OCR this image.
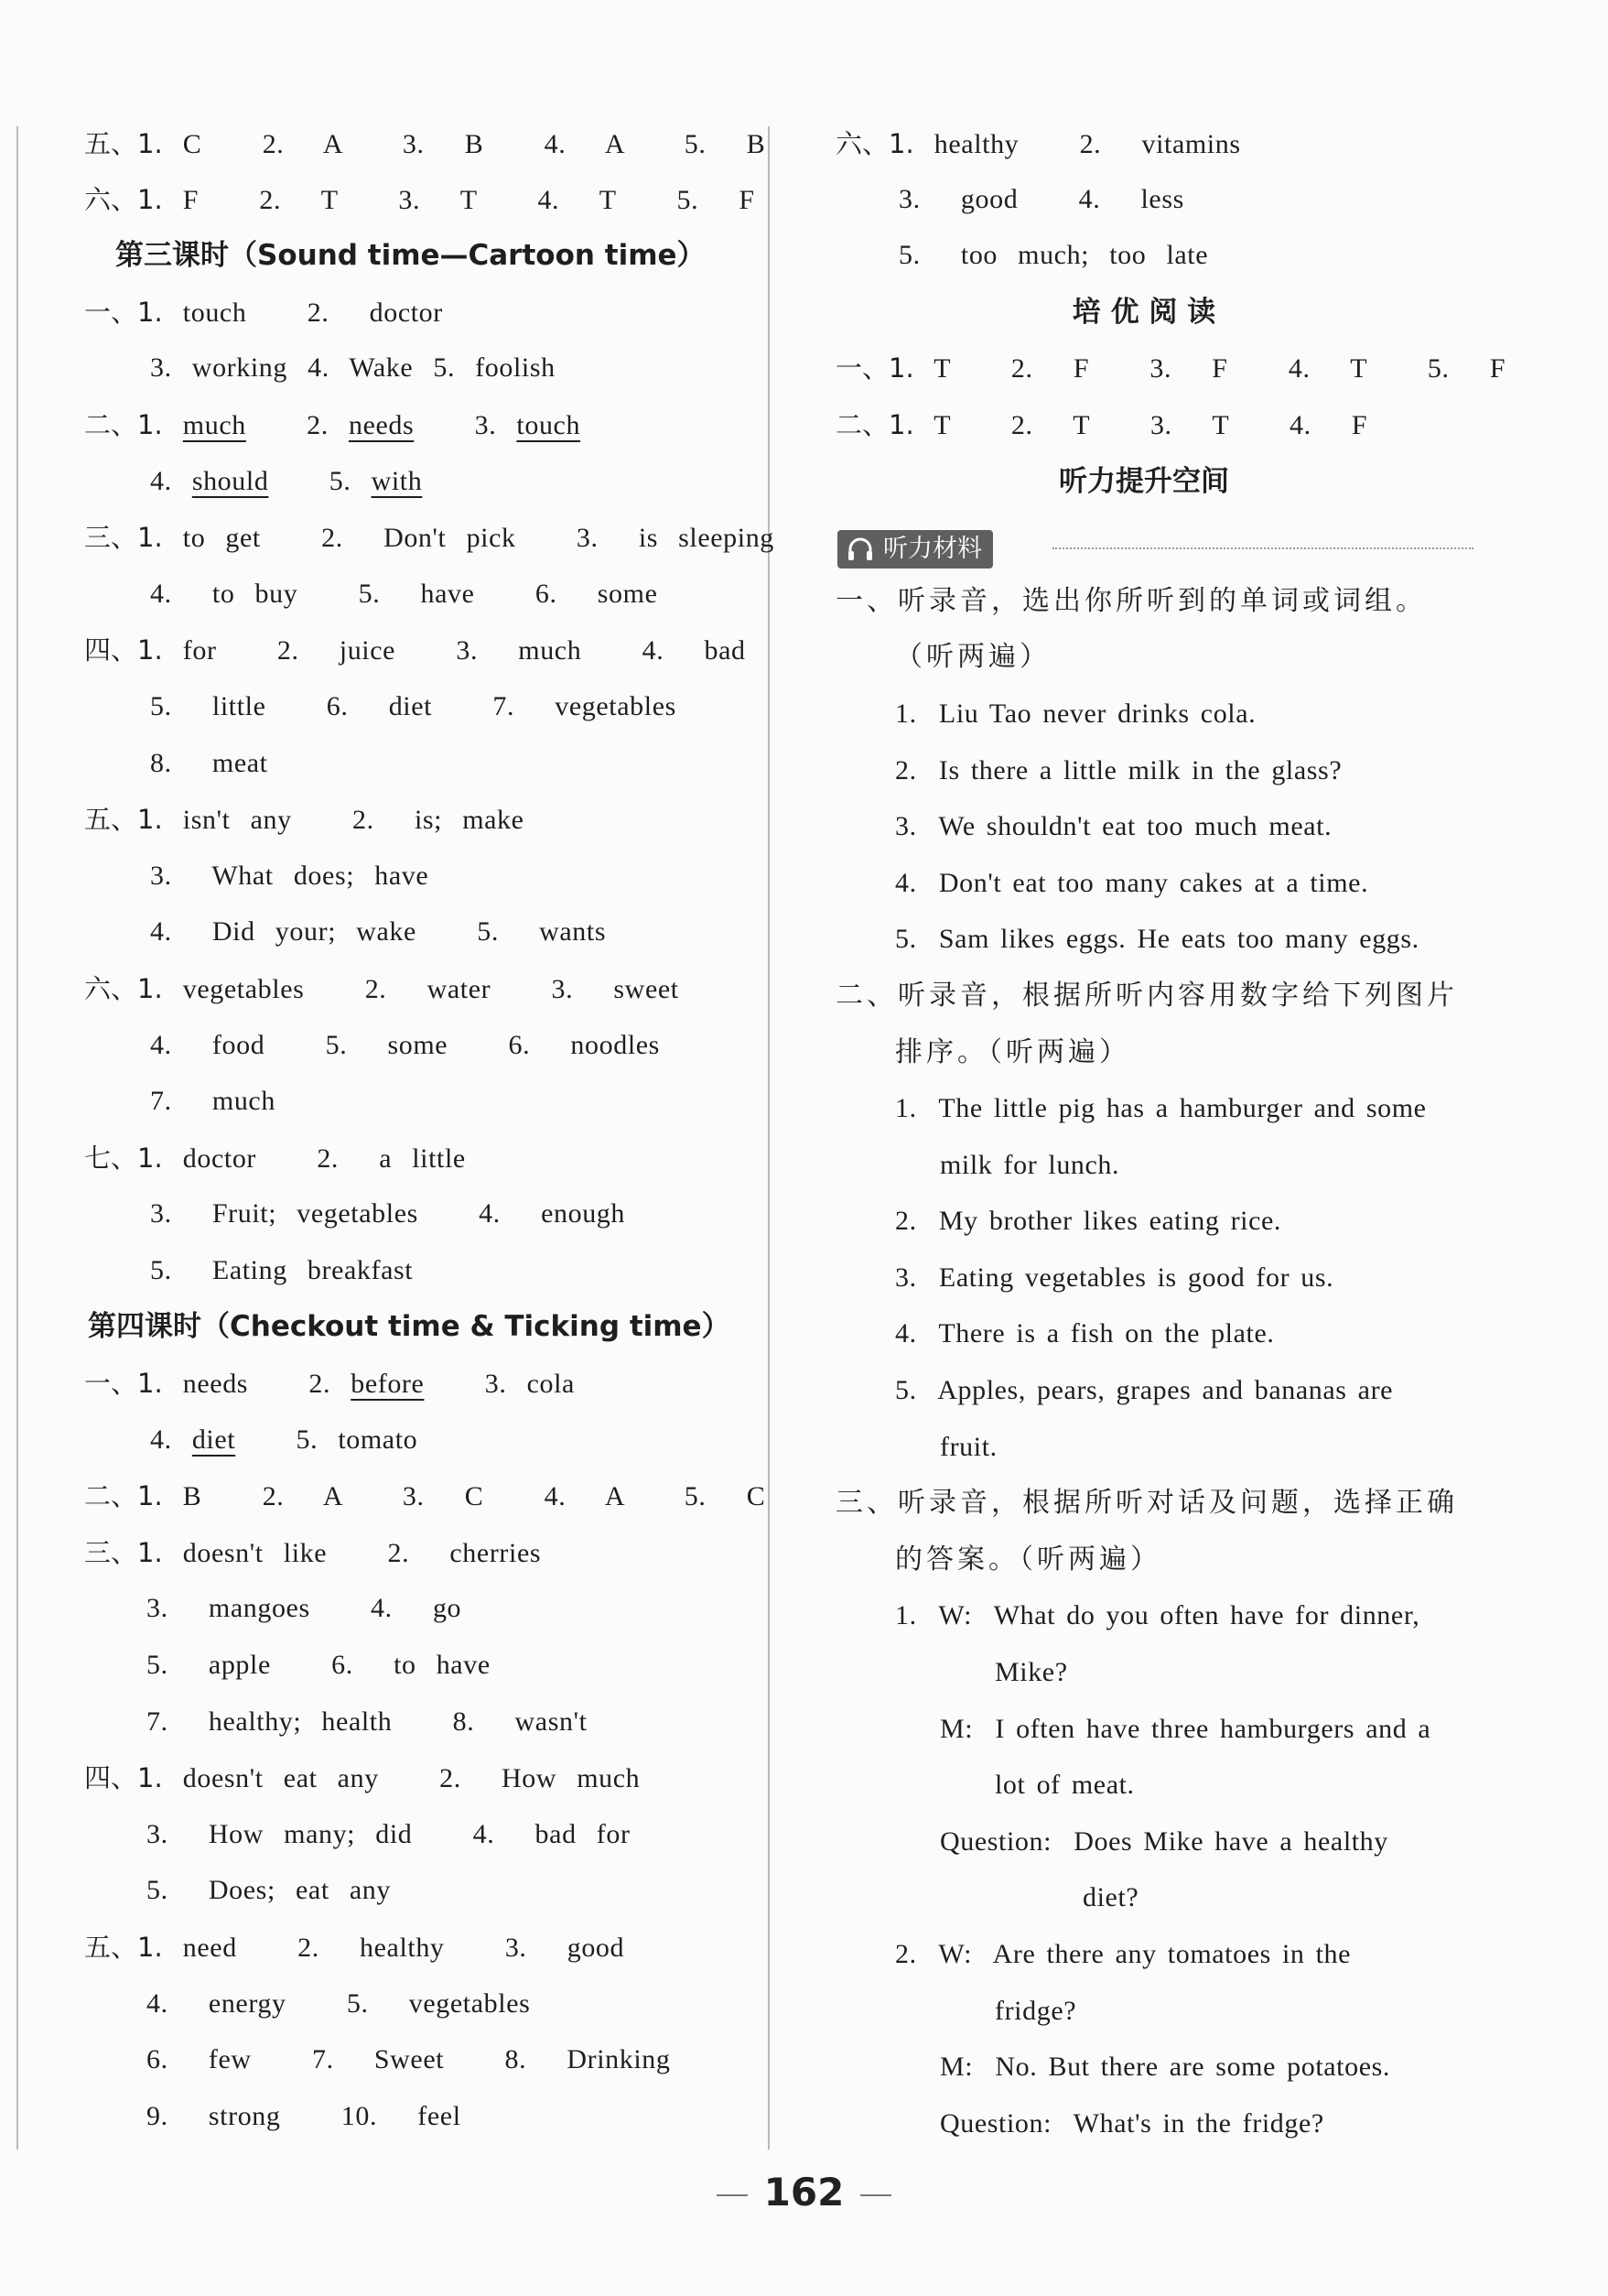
五、1. C   2.  A   3.  B   4.  A   5.  B
六、1. F   2.  T   3.  T   4.  T   5.  F
第三课时（Sound time—Cartoon time）
一、1. touch   2.  doctor
3. working 4. Wake 5. foolish
二、1. much 2. needs 3. touch
4. should 5. with
三、1. to get   2.  Don't pick   3.  is sleeping
4.  to buy   5.  have   6.  some
四、1. for   2.  juice   3.  much   4.  bad
5.  little   6.  diet   7.  vegetables
8.  meat
五、1. isn't any   2.  is; make
3.  What does; have
4.  Did your; wake   5.  wants
六、1. vegetables   2.  water   3.  sweet
4.  food   5.  some   6.  noodles
7.  much
七、1. doctor   2.  a little
3.  Fruit; vegetables   4.  enough
5.  Eating breakfast
第四课时（Checkout time & Ticking time）
一、1. needs 2. before 3. cola
4. diet 5. tomato
二、1. B   2.  A   3.  C   4.  A   5.  C
三、1. doesn't like   2.  cherries
3.  mangoes   4.  go
5.  apple   6.  to have
7.  healthy; health   8.  wasn't
四、1. doesn't eat any   2.  How much
3.  How many; did   4.  bad for
5.  Does; eat any
五、1. need   2.  healthy   3.  good
4.  energy   5.  vegetables
6.  few   7.  Sweet   8.  Drinking
9.  strong   10.  feel
六、1. healthy   2.  vitamins
3.  good   4.  less
5.  too much; too late
培 优 阅 读
一、1. T   2.  F   3.  F   4.  T   5.  F
二、1. T   2.  T   3.  T   4.  F
听力提升空间
听力材料
一、听录音，选出你所听到的单词或词组。
（听两遍）
1.  Liu Tao never drinks cola.
2.  Is there a little milk in the glass?
3.  We shouldn't eat too much meat.
4.  Don't eat too many cakes at a time.
5.  Sam likes eggs. He eats too many eggs.
二、听录音，根据所听内容用数字给下列图片
排序。（听两遍）
1.  The little pig has a hamburger and some
milk for lunch.
2.  My brother likes eating rice.
3.  Eating vegetables is good for us.
4.  There is a fish on the plate.
5.  Apples, pears, grapes and bananas are
fruit.
三、听录音，根据所听对话及问题，选择正确
的答案。（听两遍）
1.  W:  What do you often have for dinner,
Mike?
M:  I often have three hamburgers and a
lot of meat.
Question:  Does Mike have a healthy
diet?
2.  W:  Are there any tomatoes in the
fridge?
M:  No. But there are some potatoes.
Question:  What's in the fridge?
162
